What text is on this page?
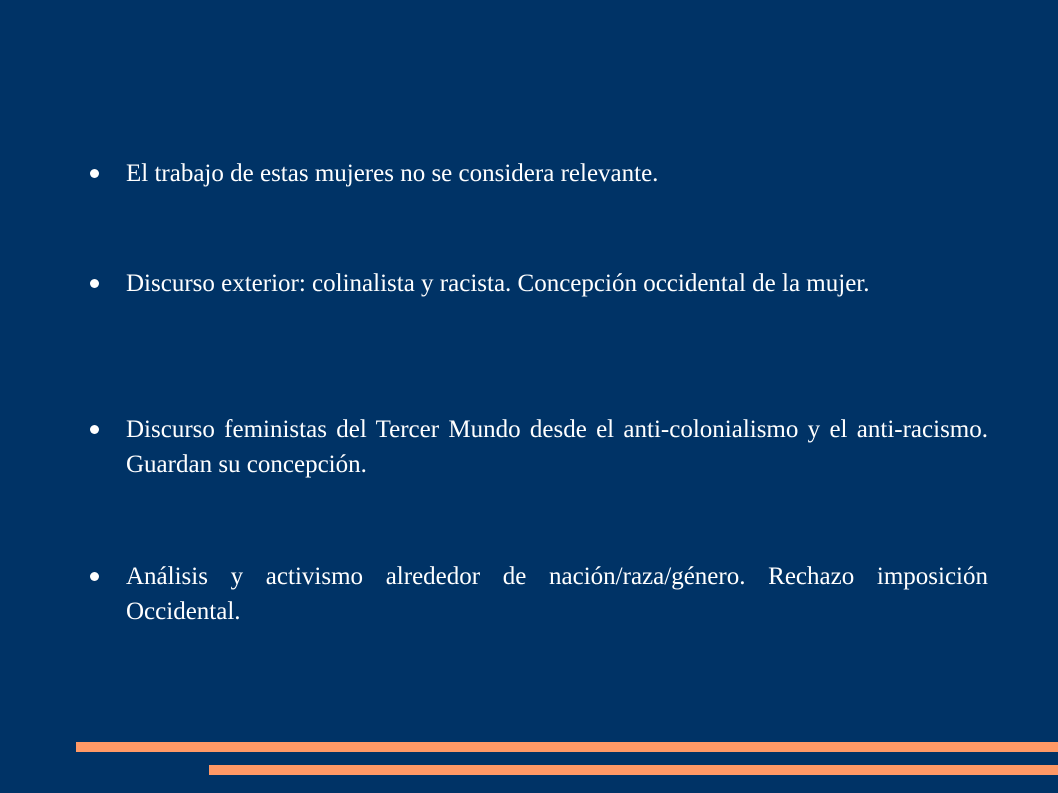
El trabajo de estas mujeres no se considera relevante.
Discurso exterior: colinalista y racista. Concepción occidental de la mujer.
Discurso feministas del Tercer Mundo desde el anti-colonialismo y el anti-racismo. Guardan su concepción.
Análisis y activismo alrededor de nación/raza/género. Rechazo imposición Occidental.
